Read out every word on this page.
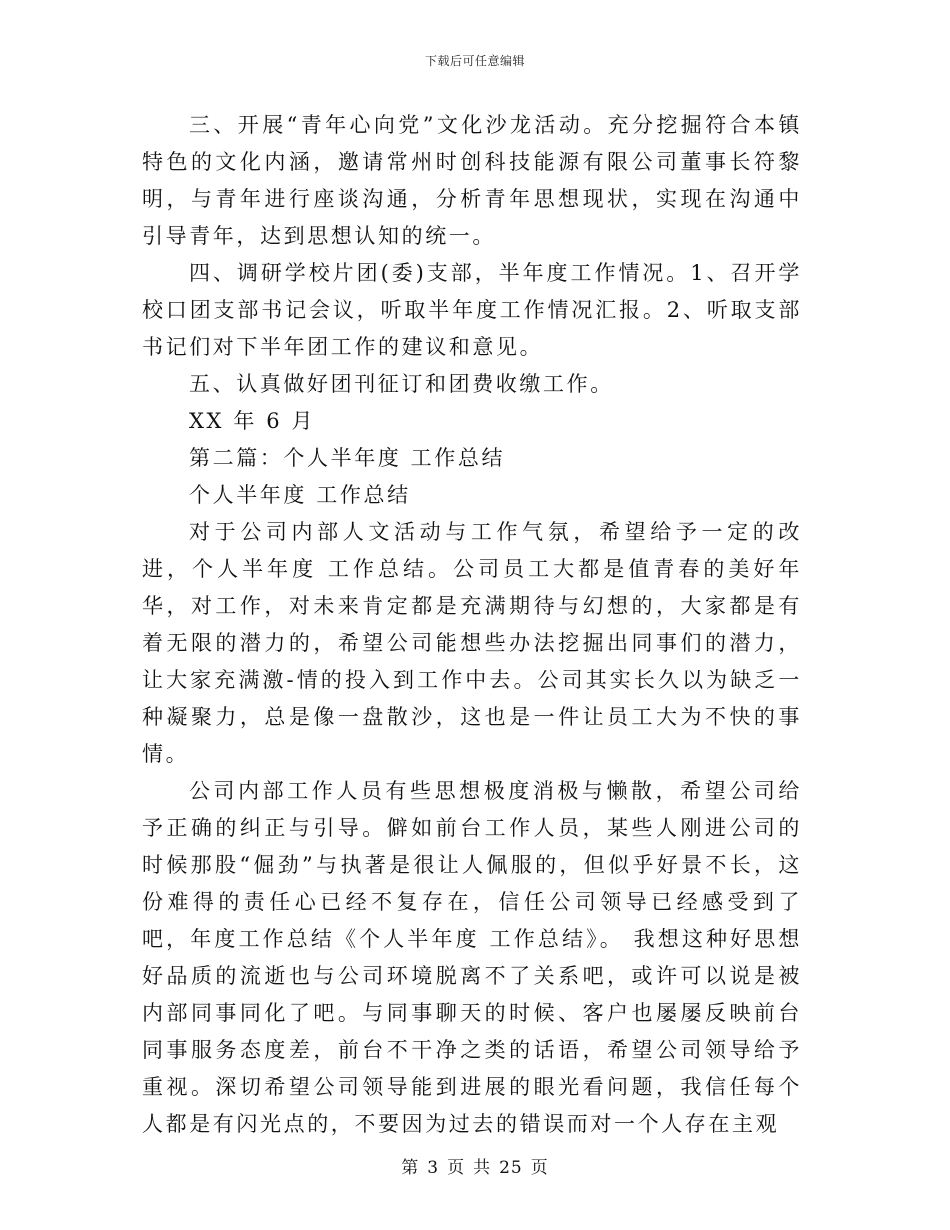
下载后可任意编辑

三、开展“青年心向党”文化沙龙活动。充分挖掘符合本镇特色的文化内涵，邀请常州时创科技能源有限公司董事长符黎明，与青年进行座谈沟通，分析青年思想现状，实现在沟通中引导青年，达到思想认知的统一。

四、调研学校片团(委)支部，半年度工作情况。1、召开学校口团支部书记会议，听取半年度工作情况汇报。2、听取支部书记们对下半年团工作的建议和意见。

五、认真做好团刊征订和团费收缴工作。

XX 年 6 月

第二篇：个人半年度 工作总结

个人半年度 工作总结

对于公司内部人文活动与工作气氛，希望给予一定的改进，个人半年度 工作总结。公司员工大都是值青春的美好年华，对工作，对未来肯定都是充满期待与幻想的，大家都是有着无限的潜力的，希望公司能想些办法挖掘出同事们的潜力，让大家充满激-情的投入到工作中去。公司其实长久以为缺乏一种凝聚力，总是像一盘散沙，这也是一件让员工大为不快的事情。

公司内部工作人员有些思想极度消极与懒散，希望公司给予正确的纠正与引导。僻如前台工作人员，某些人刚进公司的时候那股“倔劲”与执著是很让人佩服的，但似乎好景不长，这份难得的责任心已经不复存在，信任公司领导已经感受到了吧，年度工作总结《个人半年度 工作总结》。 我想这种好思想好品质的流逝也与公司环境脱离不了关系吧，或许可以说是被内部同事同化了吧。与同事聊天的时候、客户也屡屡反映前台同事服务态度差，前台不干净之类的话语，希望公司领导给予重视。深切希望公司领导能到进展的眼光看问题，我信任每个人都是有闪光点的，不要因为过去的错误而对一个人存在主观

第 3 页 共 25 页
